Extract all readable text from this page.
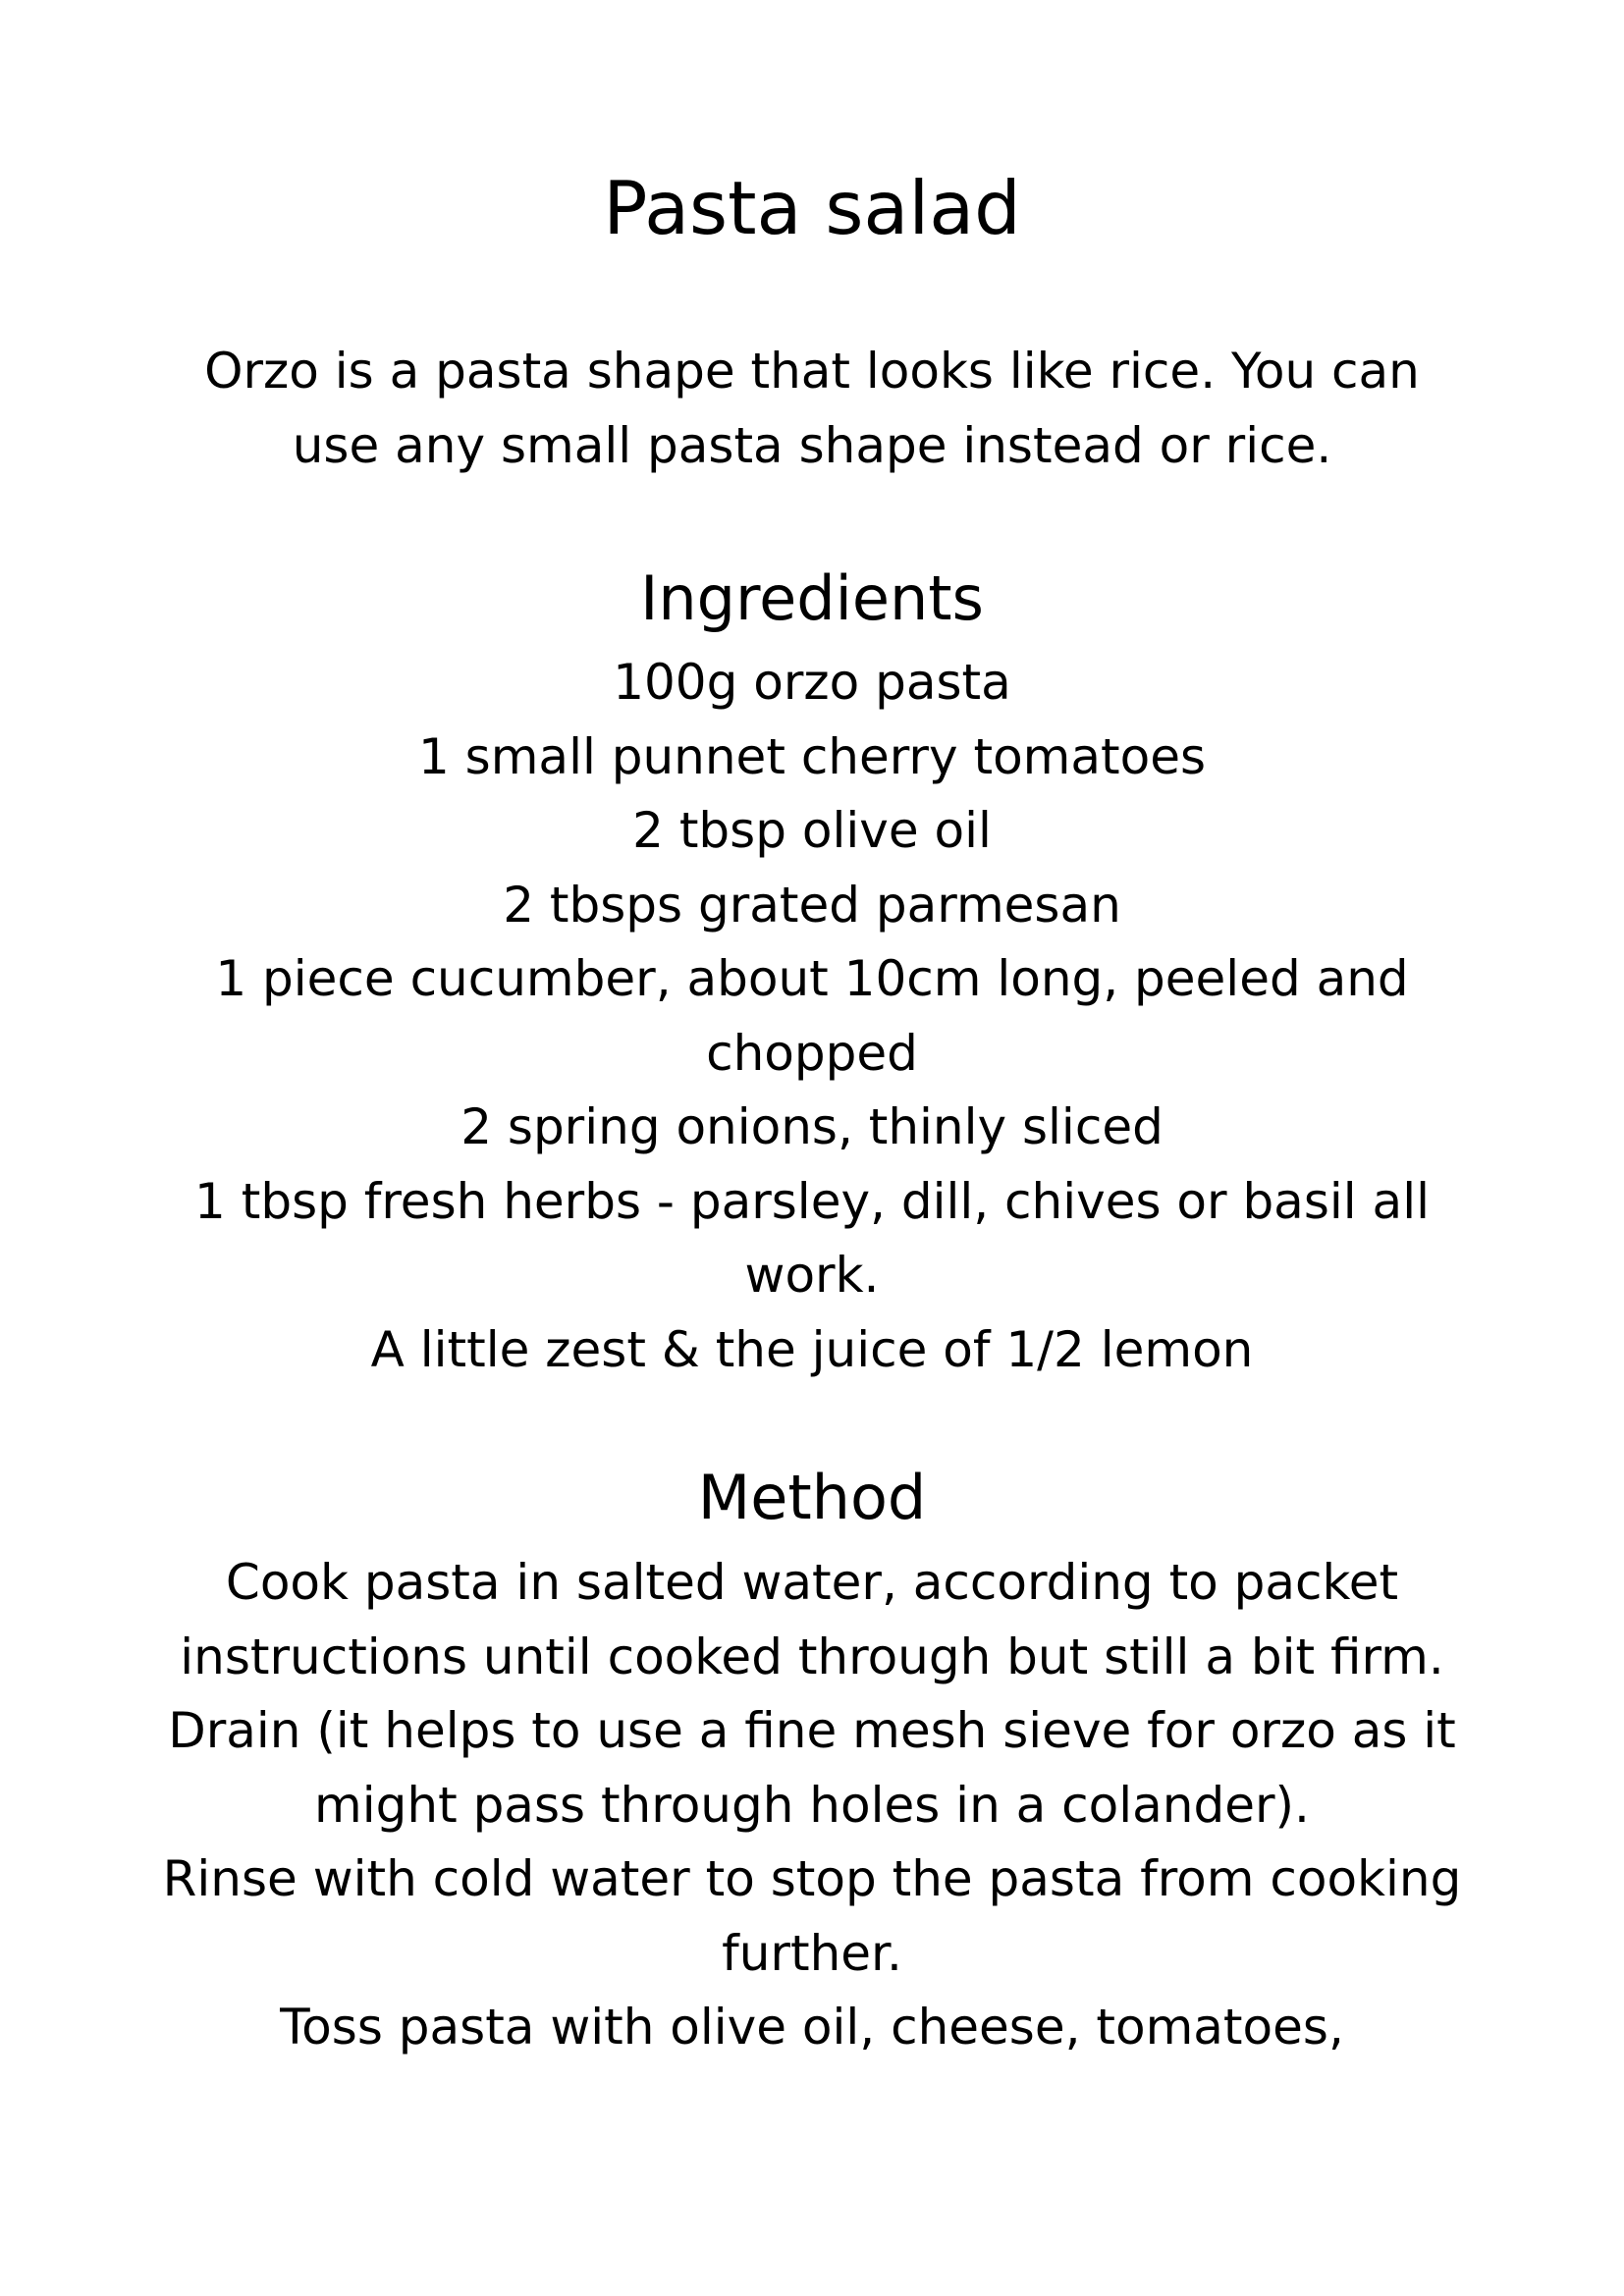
Pasta salad

Orzo is a pasta shape that looks like rice. You can
use any small pasta shape instead or rice.

Ingredients
100g orzo pasta
1 small punnet cherry tomatoes
2 tbsp olive oil
2 tbsps grated parmesan
1 piece cucumber, about 10cm long, peeled and
chopped
2 spring onions, thinly sliced
1 tbsp fresh herbs - parsley, dill, chives or basil all
work.
A little zest & the juice of 1/2 lemon
Method
Cook pasta in salted water, according to packet
instructions until cooked through but still a bit firm.
Drain (it helps to use a fine mesh sieve for orzo as it
might pass through holes in a colander).
Rinse with cold water to stop the pasta from cooking
further.
Toss pasta with olive oil, cheese, tomatoes,
